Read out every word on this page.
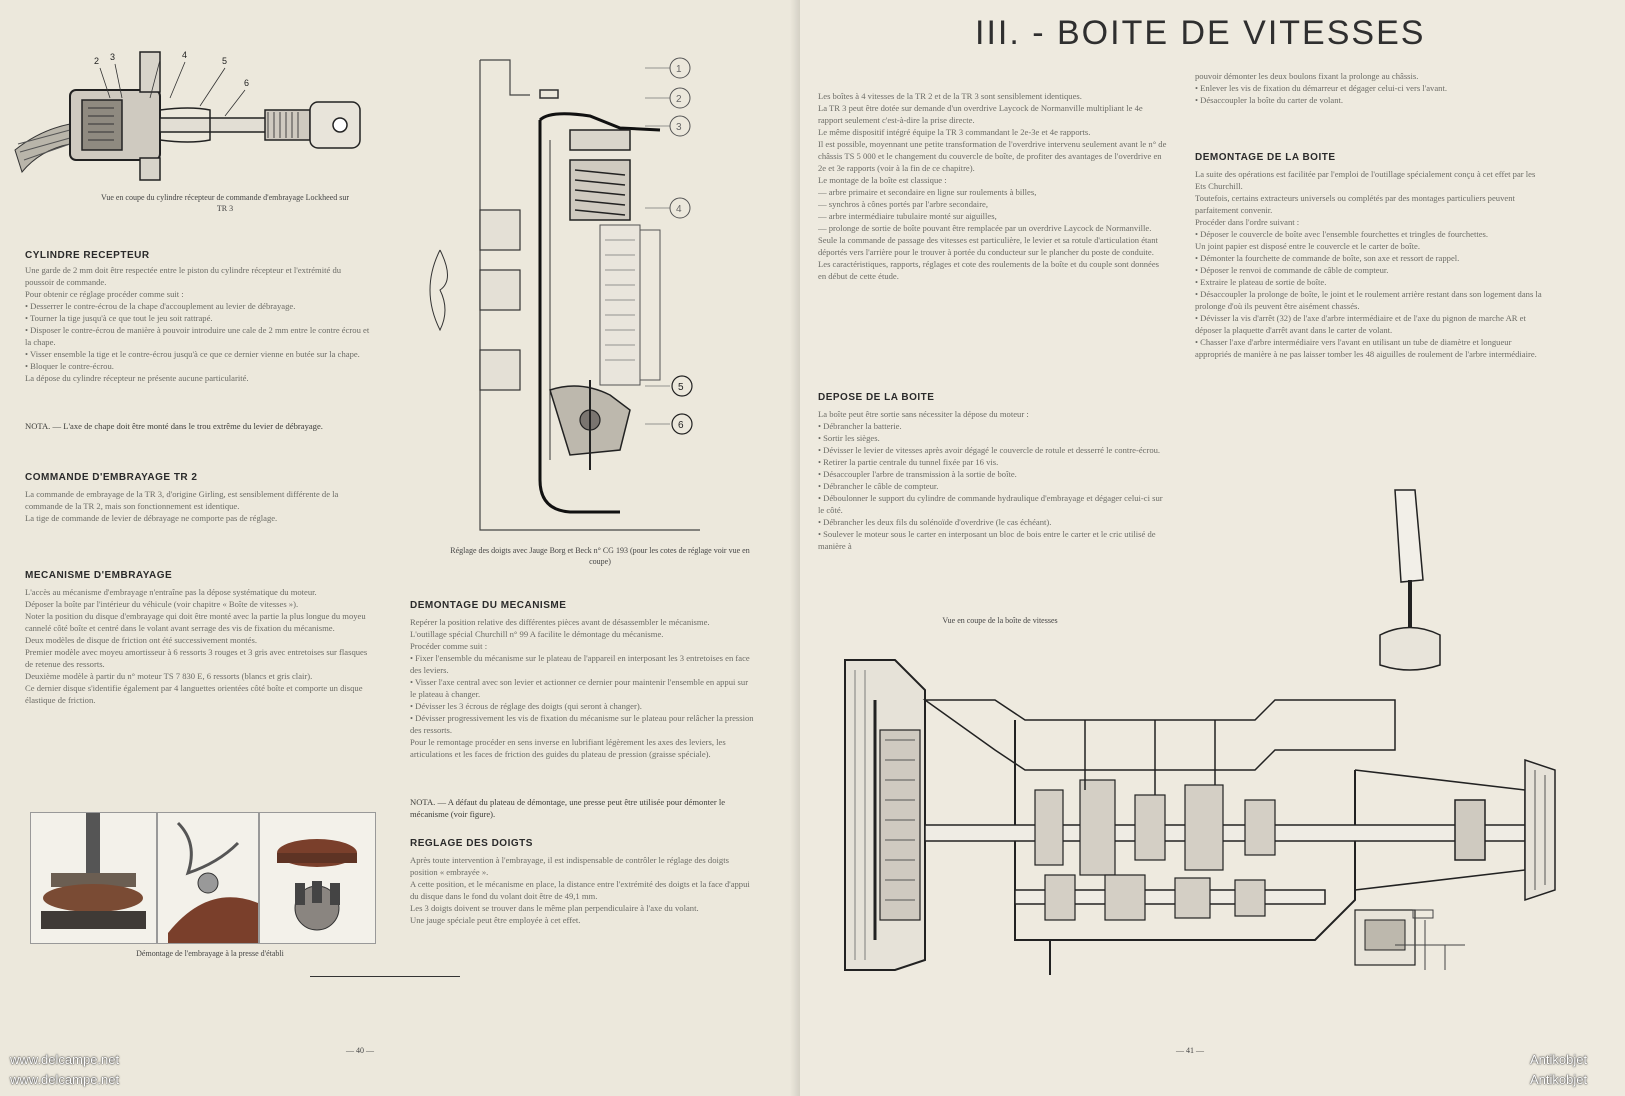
2 3	4
5
6
Vue en coupe du cylindre récepteur de commande d'embrayage Lockheed sur TR 3
CYLINDRE RECEPTEUR
Une garde de 2 mm doit être respectée entre le piston du cylindre récepteur et l'extrémité du poussoir de commande.
Pour obtenir ce réglage procéder comme suit :
• Desserrer le contre-écrou de la chape d'accouplement au levier de débrayage.
• Tourner la tige jusqu'à ce que tout le jeu soit rattrapé.
• Disposer le contre-écrou de manière à pouvoir introduire une cale de 2 mm entre le contre écrou et la chape.
• Visser ensemble la tige et le contre-écrou jusqu'à ce que ce dernier vienne en butée sur la chape.
• Bloquer le contre-écrou.
La dépose du cylindre récepteur ne présente aucune particularité.
NOTA. — L'axe de chape doit être monté dans le trou extrême du levier de débrayage.
COMMANDE D'EMBRAYAGE TR 2
La commande de embrayage de la TR 3, d'origine Girling, est sensiblement différente de la commande de la TR 2, mais son fonctionnement est identique.
La tige de commande de levier de débrayage ne comporte pas de réglage.
MECANISME D'EMBRAYAGE
L'accès au mécanisme d'embrayage n'entraîne pas la dépose systématique du moteur.
Déposer la boîte par l'intérieur du véhicule (voir chapitre « Boîte de vitesses »).
Noter la position du disque d'embrayage qui doit être monté avec la partie la plus longue du moyeu cannelé côté boîte et centré dans le volant avant serrage des vis de fixation du mécanisme.
Deux modèles de disque de friction ont été successivement montés.
Premier modèle avec moyeu amortisseur à 6 ressorts 3 rouges et 3 gris avec entretoises sur flasques de retenue des ressorts.
Deuxième modèle à partir du n° moteur TS 7 830 E, 6 ressorts (blancs et gris clair).
Ce dernier disque s'identifie également par 4 languettes orientées côté boîte et comporte un disque élastique de friction.
1
2
3
4
5
6
Réglage des doigts avec Jauge Borg et Beck n° CG 193 (pour les cotes de réglage voir vue en coupe)
DEMONTAGE DU MECANISME
Repérer la position relative des différentes pièces avant de désassembler le mécanisme.
L'outillage spécial Churchill n° 99 A facilite le démontage du mécanisme.
Procéder comme suit :
• Fixer l'ensemble du mécanisme sur le plateau de l'appareil en interposant les 3 entretoises en face des leviers.
• Visser l'axe central avec son levier et actionner ce dernier pour maintenir l'ensemble en appui sur le plateau à changer.
• Dévisser les 3 écrous de réglage des doigts (qui seront à changer).
• Dévisser progressivement les vis de fixation du mécanisme sur le plateau pour relâcher la pression des ressorts.
Pour le remontage procéder en sens inverse en lubrifiant légèrement les axes des leviers, les articulations et les faces de friction des guides du plateau de pression (graisse spéciale).
NOTA. — A défaut du plateau de démontage, une presse peut être utilisée pour démonter le mécanisme (voir figure).
REGLAGE DES DOIGTS
Après toute intervention à l'embrayage, il est indispensable de contrôler le réglage des doigts position « embrayée ».
A cette position, et le mécanisme en place, la distance entre l'extrémité des doigts et la face d'appui du disque dans le fond du volant doit être de 49,1 mm.
Les 3 doigts doivent se trouver dans le même plan perpendiculaire à l'axe du volant.
Une jauge spéciale peut être employée à cet effet.
Démontage de l'embrayage à la presse d'établi
— 40 —
III. - BOITE DE VITESSES
Les boîtes à 4 vitesses de la TR 2 et de la TR 3 sont sensiblement identiques.
La TR 3 peut être dotée sur demande d'un overdrive Laycock de Normanville multipliant le 4e rapport seulement c'est-à-dire la prise directe.
Le même dispositif intégré équipe la TR 3 commandant le 2e-3e et 4e rapports.
Il est possible, moyennant une petite transformation de l'overdrive intervenu seulement avant le n° de châssis TS 5 000 et le changement du couvercle de boîte, de profiter des avantages de l'overdrive en 2e et 3e rapports (voir à la fin de ce chapitre).
Le montage de la boîte est classique :
— arbre primaire et secondaire en ligne sur roulements à billes,
— synchros à cônes portés par l'arbre secondaire,
— arbre intermédiaire tubulaire monté sur aiguilles,
— prolonge de sortie de boîte pouvant être remplacée par un overdrive Laycock de Normanville.
Seule la commande de passage des vitesses est particulière, le levier et sa rotule d'articulation étant déportés vers l'arrière pour le trouver à portée du conducteur sur le plancher du poste de conduite.
Les caractéristiques, rapports, réglages et cote des roulements de la boîte et du couple sont données en début de cette étude.
DEPOSE DE LA BOITE
La boîte peut être sortie sans nécessiter la dépose du moteur :
• Débrancher la batterie.
• Sortir les sièges.
• Dévisser le levier de vitesses après avoir dégagé le couvercle de rotule et desserré le contre-écrou.
• Retirer la partie centrale du tunnel fixée par 16 vis.
• Désaccoupler l'arbre de transmission à la sortie de boîte.
• Débrancher le câble de compteur.
• Déboulonner le support du cylindre de commande hydraulique d'embrayage et dégager celui-ci sur le côté.
• Débrancher les deux fils du solénoïde d'overdrive (le cas échéant).
• Soulever le moteur sous le carter en interposant un bloc de bois entre le carter et le cric utilisé de manière à
pouvoir démonter les deux boulons fixant la prolonge au châssis.
• Enlever les vis de fixation du démarreur et dégager celui-ci vers l'avant.
• Désaccoupler la boîte du carter de volant.
DEMONTAGE DE LA BOITE
La suite des opérations est facilitée par l'emploi de l'outillage spécialement conçu à cet effet par les Ets Churchill.
Toutefois, certains extracteurs universels ou complétés par des montages particuliers peuvent parfaitement convenir.
Procéder dans l'ordre suivant :
• Déposer le couvercle de boîte avec l'ensemble fourchettes et tringles de fourchettes.
Un joint papier est disposé entre le couvercle et le carter de boîte.
• Démonter la fourchette de commande de boîte, son axe et ressort de rappel.
• Déposer le renvoi de commande de câble de compteur.
• Extraire le plateau de sortie de boîte.
• Désaccoupler la prolonge de boîte, le joint et le roulement arrière restant dans son logement dans la prolonge d'où ils peuvent être aisément chassés.
• Dévisser la vis d'arrêt (32) de l'axe d'arbre intermédiaire et de l'axe du pignon de marche AR et déposer la plaquette d'arrêt avant dans le carter de volant.
• Chasser l'axe d'arbre intermédiaire vers l'avant en utilisant un tube de diamètre et longueur appropriés de manière à ne pas laisser tomber les 48 aiguilles de roulement de l'arbre intermédiaire.
Vue en coupe de la boîte de vitesses
— 41 —
www.delcampe.net
www.delcampe.net
Antikobjet
Antikobjet
